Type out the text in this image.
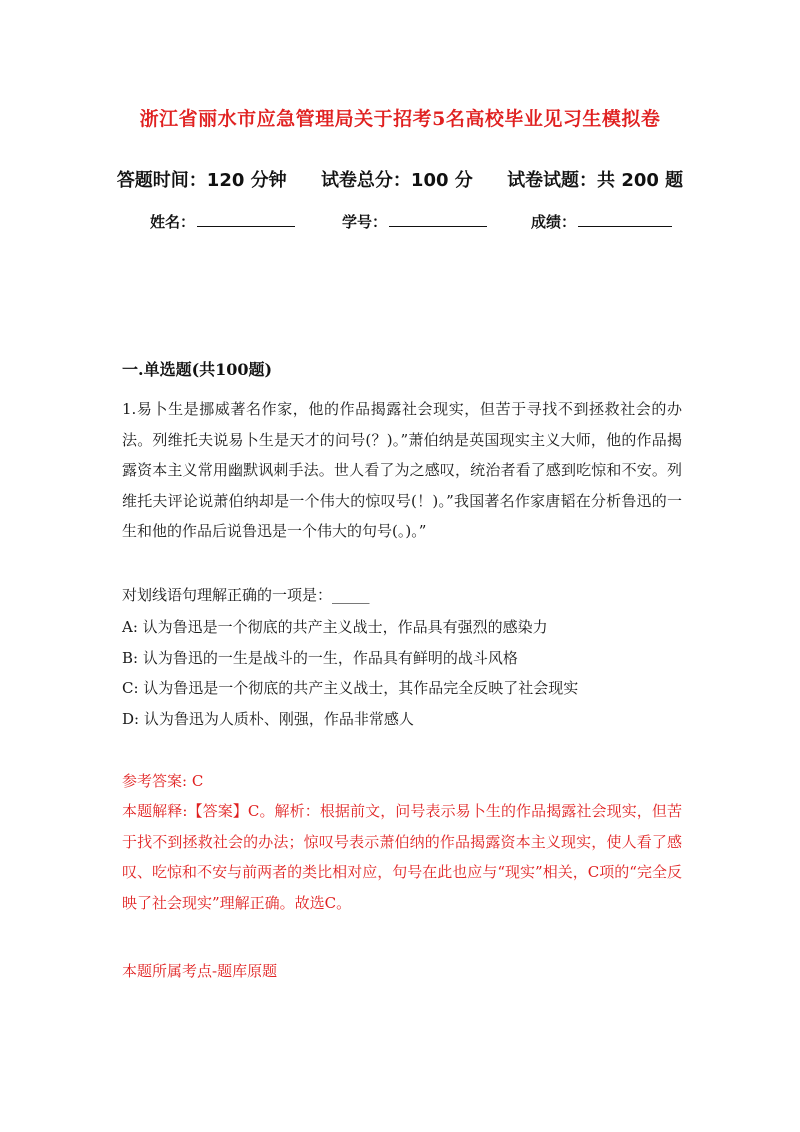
浙江省丽水市应急管理局关于招考5名高校毕业见习生模拟卷
答题时间：120 分钟 试卷总分：100 分 试卷试题：共 200 题
姓名：	学号：	成绩：
一.单选题(共100题)
1.易卜生是挪威著名作家，他的作品揭露社会现实，但苦于寻找不到拯救社会的办法。列维托夫说易卜生是天才的问号(？)。”萧伯纳是英国现实主义大师，他的作品揭露资本主义常用幽默讽刺手法。世人看了为之感叹，统治者看了感到吃惊和不安。列维托夫评论说萧伯纳却是一个伟大的惊叹号(！)。”我国著名作家唐韬在分析鲁迅的一生和他的作品后说鲁迅是一个伟大的句号(。)。”
对划线语句理解正确的一项是：_____
A: 认为鲁迅是一个彻底的共产主义战士，作品具有强烈的感染力
B: 认为鲁迅的一生是战斗的一生，作品具有鲜明的战斗风格
C: 认为鲁迅是一个彻底的共产主义战士，其作品完全反映了社会现实
D: 认为鲁迅为人质朴、刚强，作品非常感人
参考答案: C
本题解释:【答案】C。解析：根据前文，问号表示易卜生的作品揭露社会现实，但苦于找不到拯救社会的办法；惊叹号表示萧伯纳的作品揭露资本主义现实，使人看了感叹、吃惊和不安与前两者的类比相对应，句号在此也应与“现实”相关，C项的“完全反映了社会现实”理解正确。故选C。
本题所属考点-题库原题
